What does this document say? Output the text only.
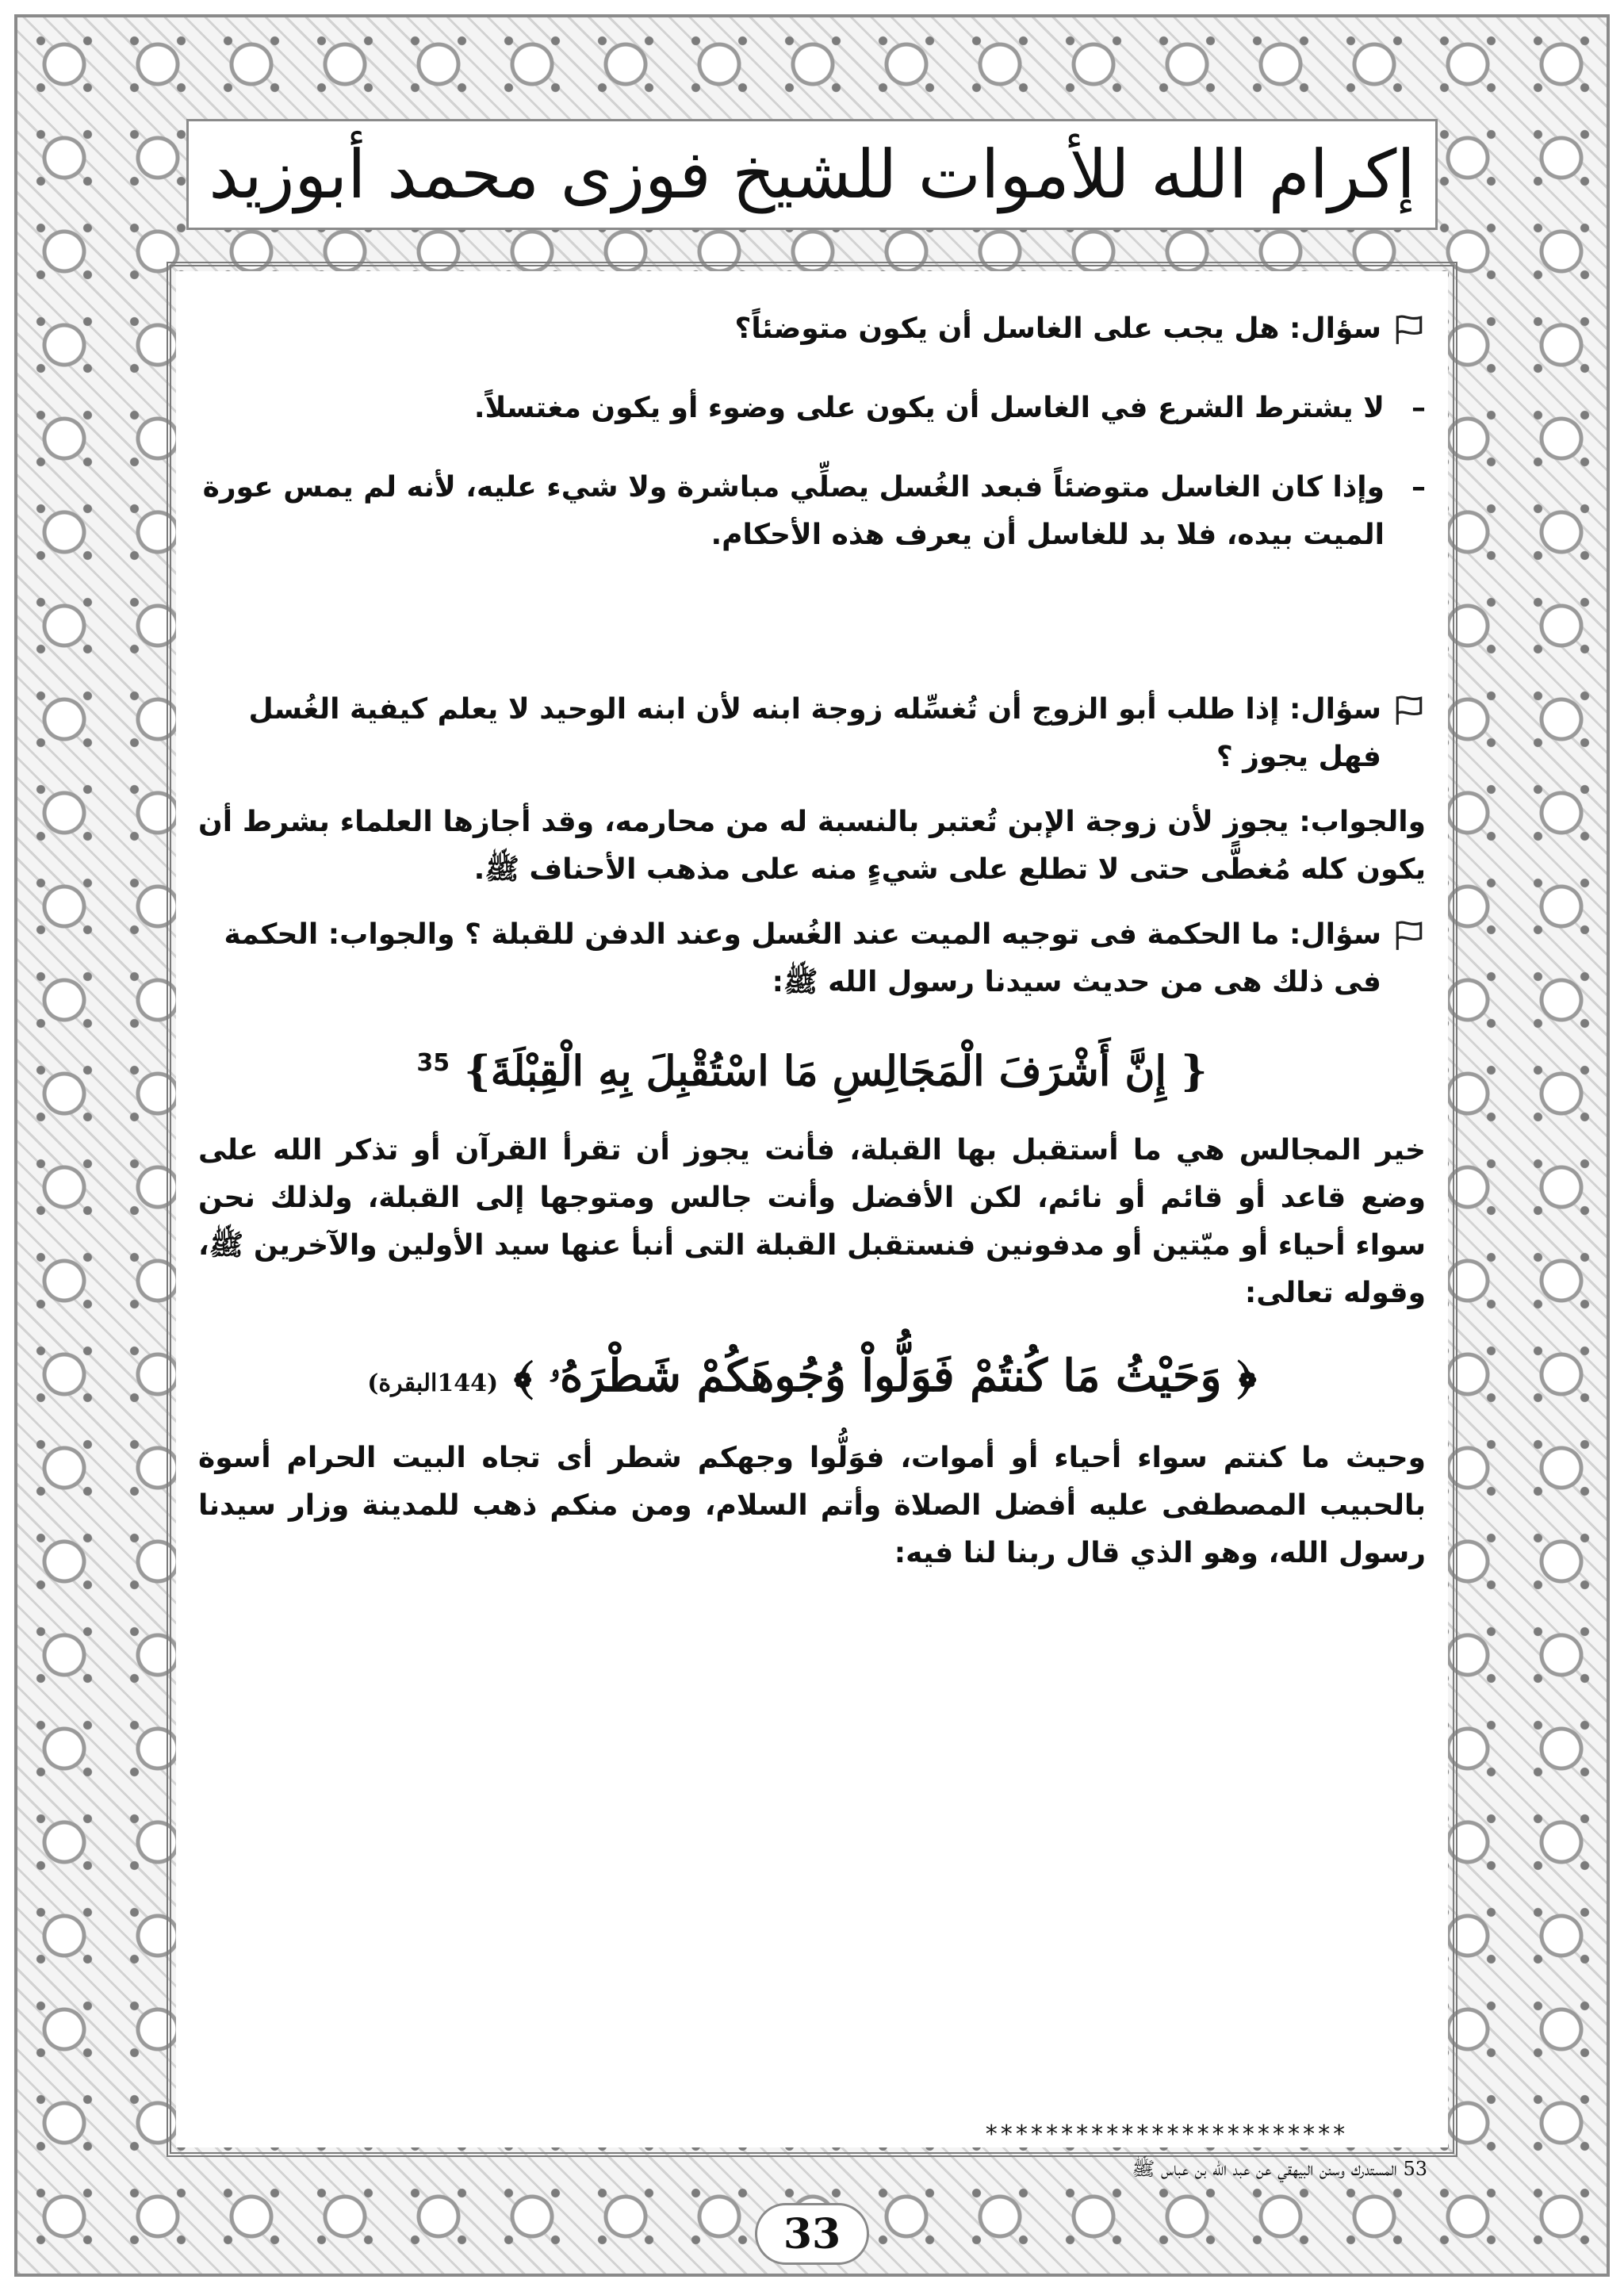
إكرام الله للأموات للشيخ فوزى محمد أبوزيد
سؤال: هل يجب على الغاسل أن يكون متوضئاً؟
–
لا يشترط الشرع في الغاسل أن يكون على وضوء أو يكون مغتسلاً.
–
وإذا كان الغاسل متوضئاً فبعد الغُسل يصلِّي مباشرة ولا شيء عليه، لأنه لم يمس عورة الميت بيده، فلا بد للغاسل أن يعرف هذه الأحكام.
سؤال: إذا طلب أبو الزوج أن تُغسِّله زوجة ابنه لأن ابنه الوحيد لا يعلم كيفية الغُسل فهل يجوز ؟
والجواب: يجوز لأن زوجة الإبن تُعتبر بالنسبة له من محارمه، وقد أجازها العلماء بشرط أن يكون كله مُغطًّى حتى لا تطلع على شيءٍ منه على مذهب الأحناف ﷺ.
سؤال: ما الحكمة فى توجيه الميت عند الغُسل وعند الدفن للقبلة ؟ والجواب: الحكمة فى ذلك هى من حديث سيدنا رسول الله ﷺ:
{ إِنَّ أَشْرَفَ الْمَجَالِسِ مَا اسْتُقْبِلَ بِهِ الْقِبْلَةَ} $^{35}$
خير المجالس هي ما أستقبل بها القبلة، فأنت يجوز أن تقرأ القرآن أو تذكر الله على وضع قاعد أو قائم أو نائم، لكن الأفضل وأنت جالس ومتوجها إلى القبلة، ولذلك نحن سواء أحياء أو ميّتين أو مدفونين فنستقبل القبلة التى أنبأ عنها سيد الأولين والآخرين ﷺ، وقوله تعالى:
﴿ وَحَيْثُ مَا كُنتُمْ فَوَلُّواْ وُجُوهَكُمْ شَطْرَهُۥ ﴾ (144البقرة)
وحيث ما كنتم سواء أحياء أو أموات، فوَلُّوا وجهكم شطر أى تجاه البيت الحرام أسوة بالحبيب المصطفى عليه أفضل الصلاة وأتم السلام، ومن منكم ذهب للمدينة وزار سيدنا رسول الله، وهو الذي قال ربنا لنا فيه:
************************
53 المستدرك وسنن البيهقي عن عبد الله بن عباس ﷺ
33
